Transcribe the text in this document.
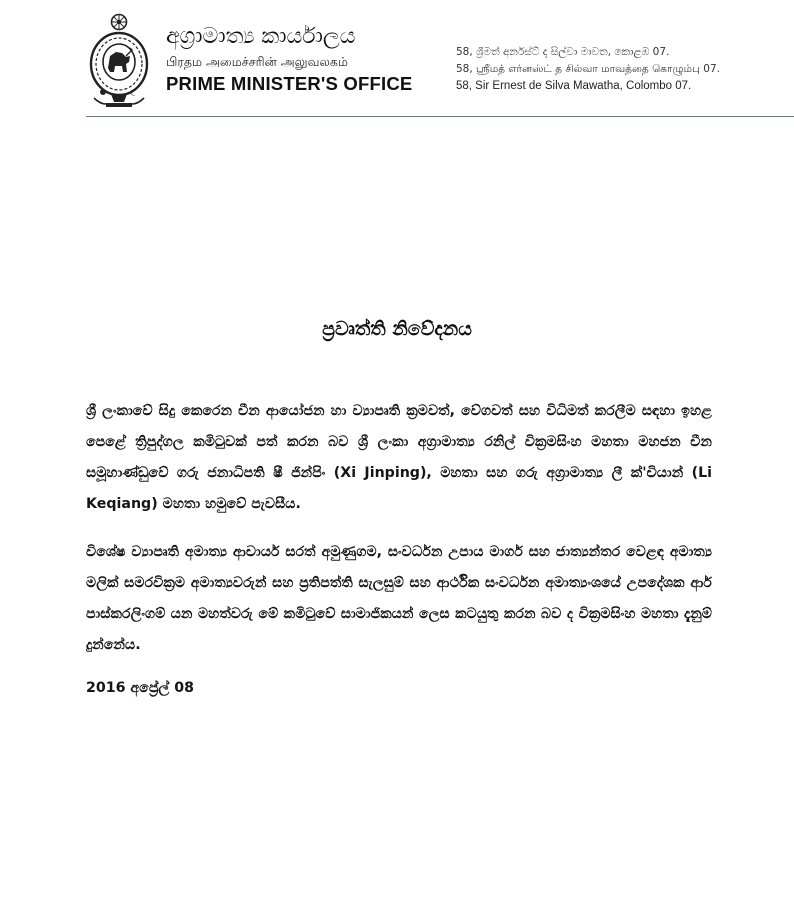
අග්‍රාමාත්‍ය කාර්යාලය
பிரதம அமைச்சரின் அலுவலகம்
PRIME MINISTER'S OFFICE
58, ශ්‍රීමත් අර්නස්ට් ද සිල්වා මාවත, කොළඹ 07.
58, ஸ்ரீமத் எர்னஸ்ட் த சில்வா மாவத்தை கொழும்பு 07.
58, Sir Ernest de Silva Mawatha, Colombo 07.
ප්‍රවෘත්ති නිවේදනය
ශ්‍රී ලංකාවේ සිදු කෙරෙන චීන ආයෝජන හා ව්‍යාපෘති ක්‍රමවත්, වේගවත් සහ විධිමත් කරලීම සඳහා ඉහළ පෙළේ ත්‍රිපුද්ගල කමිටුවක් පත් කරන බව ශ්‍රී ලංකා අග්‍රාමාත්‍ය රනිල් වික්‍රමසිංහ මහතා මහජන චීන සමූහාණ්ඩුවේ ගරු ජනාධිපති ෂී ජින්පිං (Xi Jinping), මහතා සහ ගරු අග්‍රාමාත්‍ය ලී ක්'චියාන් (Li Keqiang) මහතා හමුවේ පැවසීය.
විශේෂ ව්‍යාපෘති අමාත්‍ය ආචාර්ය සරත් අමුණුගම, සංවර්ධන උපාය මාර්ග සහ ජාත්‍යන්තර වෙළඳ අමාත්‍ය මලික් සමරවික්‍රම අමාත්‍යවරුන් සහ ප්‍රතිපත්ති සැලසුම් සහ ආර්ථික සංවර්ධන අමාත්‍යංශයේ උපදේශක ආර් පාස්කරලිංගම් යන මහත්වරු මේ කමිටුවේ සාමාජිකයන් ලෙස කටයුතු කරන බව ද වික්‍රමසිංහ මහතා දැනුම් දුන්නේය.
2016 අප්‍රේල් 08
